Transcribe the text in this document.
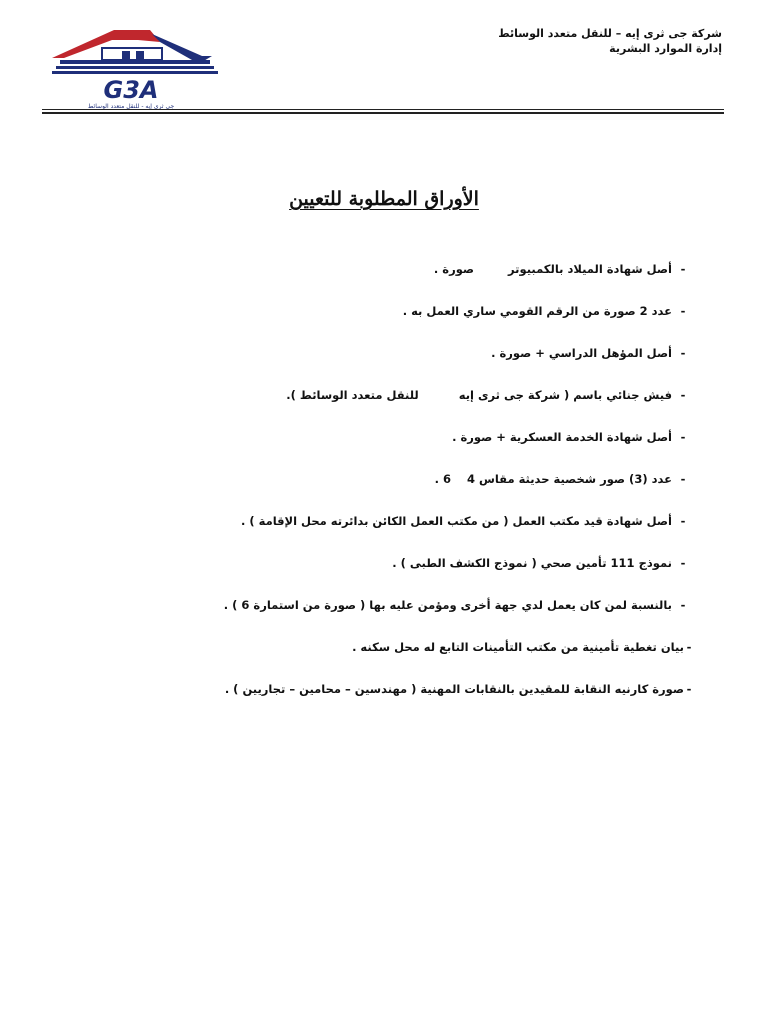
G3A
جى ثرى إيه - للنقل متعدد الوسائط
شركة جى ثرى إيه – للنقل متعدد الوسائط
إدارة الموارد البشرية
الأوراق المطلوبة للتعيين
-أصل شهادة الميلاد بالكمبيوترصورة .
-عدد 2 صورة من الرقم القومي ساري العمل به .
-أصل المؤهل الدراسي + صورة .
-فيش جنائي باسم ( شركة جى ثرى إيهللنقل متعدد الوسائط ).
-أصل شهادة الخدمة العسكرية + صورة .
-عدد (3) صور شخصية حديثة مقاس 46 .
-أصل شهادة قيد مكتب العمل ( من مكتب العمل الكائن بدائرته محل الإقامة ) .
-نموذج 111 تأمين صحي ( نموذج الكشف الطبى ) .
-بالنسبة لمن كان يعمل لدي جهة أخرى ومؤمن عليه بها ( صورة من استمارة 6 ) .
-بيان تغطية تأمينية من مكتب التأمينات التابع له محل سكنه .
-صورة كارنيه النقابة للمقيدين بالنقابات المهنية ( مهندسين – محامين – تجاريين ) .
